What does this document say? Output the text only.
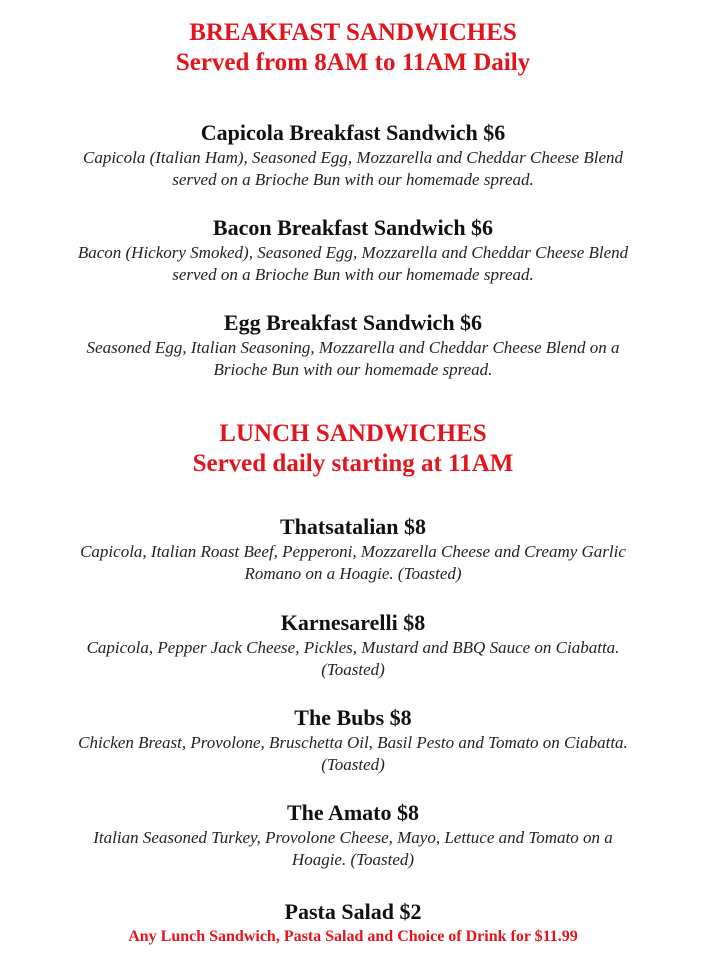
BREAKFAST SANDWICHES

Served from 8AM to 11AM Daily

Capicola Breakfast Sandwich $6

Capicola (Italian Ham), Seasoned Egg, Mozzarella and Cheddar Cheese Blend

served on a Brioche Bun with our homemade spread.

Bacon Breakfast Sandwich $6

Bacon (Hickory Smoked), Seasoned Egg, Mozzarella and Cheddar Cheese Blend

served on a Brioche Bun with our homemade spread.

Egg Breakfast Sandwich $6

Seasoned Egg, Italian Seasoning, Mozzarella and Cheddar Cheese Blend on a

Brioche Bun with our homemade spread.

LUNCH SANDWICHES

Served daily starting at 11AM

Thatsatalian $8

Capicola, Italian Roast Beef, Pepperoni, Mozzarella Cheese and Creamy Garlic

Romano on a Hoagie. (Toasted)

Karnesarelli $8

Capicola, Pepper Jack Cheese, Pickles, Mustard and BBQ Sauce on Ciabatta.

(Toasted)

The Bubs $8

Chicken Breast, Provolone, Bruschetta Oil, Basil Pesto and Tomato on Ciabatta.

(Toasted)

The Amato $8

Italian Seasoned Turkey, Provolone Cheese, Mayo, Lettuce and Tomato on a

Hoagie. (Toasted)

Pasta Salad $2

Any Lunch Sandwich, Pasta Salad and Choice of Drink for $11.99
